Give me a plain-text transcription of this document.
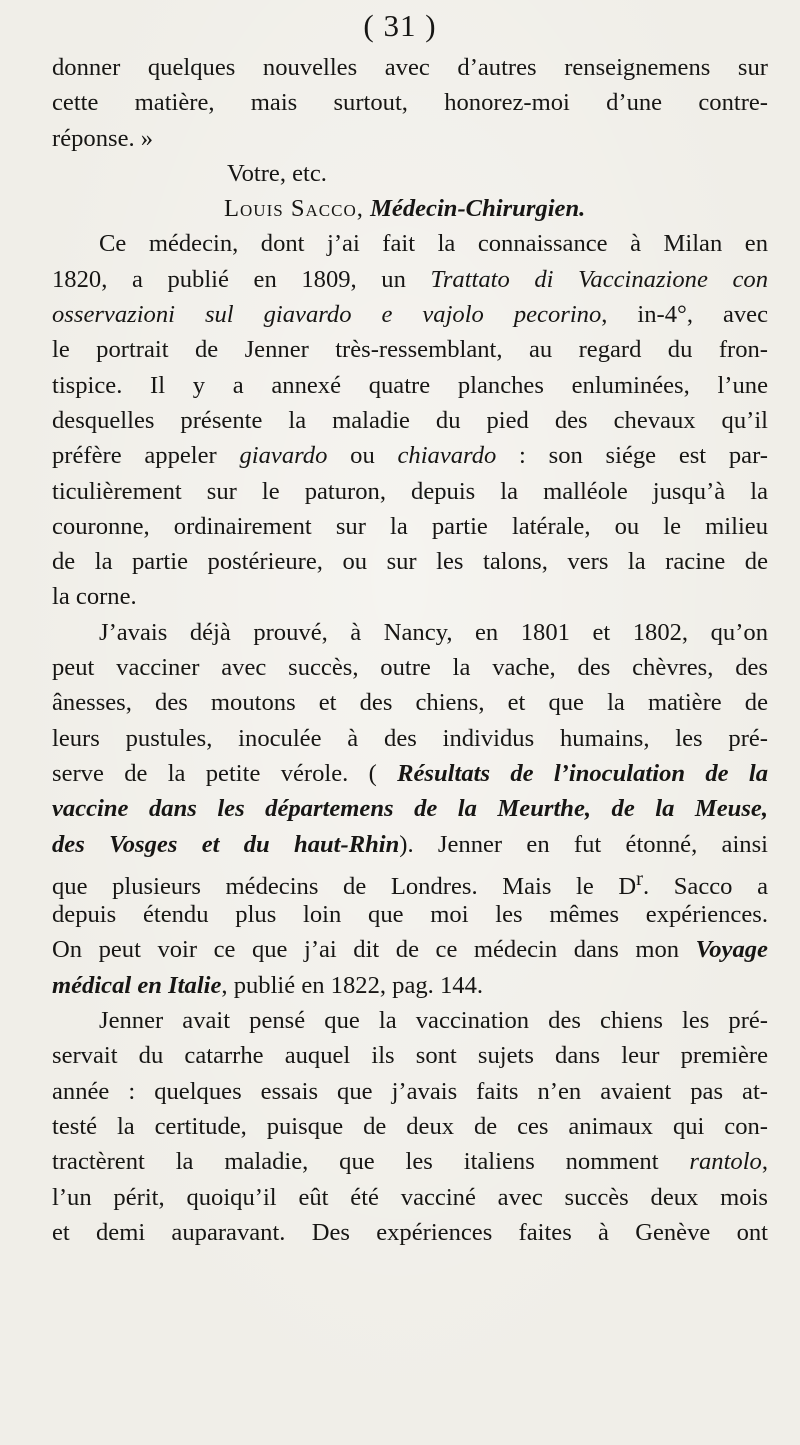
( 31 )
donner quelques nouvelles avec d’autres renseignemens sur
cette matière, mais surtout, honorez-moi d’une contre-
réponse. »
Votre, etc.
Louis Sacco, Médecin-Chirurgien.
Ce médecin, dont j’ai fait la connaissance à Milan en
1820, a publié en 1809, un Trattato di Vaccinazione con
osservazioni sul giavardo e vajolo pecorino, in-4°, avec
le portrait de Jenner très-ressemblant, au regard du fron-
tispice. Il y a annexé quatre planches enluminées, l’une
desquelles présente la maladie du pied des chevaux qu’il
préfère appeler giavardo ou chiavardo : son siége est par-
ticulièrement sur le paturon, depuis la malléole jusqu’à la
couronne, ordinairement sur la partie latérale, ou le milieu
de la partie postérieure, ou sur les talons, vers la racine de
la corne.
J’avais déjà prouvé, à Nancy, en 1801 et 1802, qu’on
peut vacciner avec succès, outre la vache, des chèvres, des
ânesses, des moutons et des chiens, et que la matière de
leurs pustules, inoculée à des individus humains, les pré-
serve de la petite vérole. ( Résultats de l’inoculation de la
vaccine dans les départemens de la Meurthe, de la Meuse,
des Vosges et du haut-Rhin). Jenner en fut étonné, ainsi
que plusieurs médecins de Londres. Mais le $D^r$. Sacco a
depuis étendu plus loin que moi les mêmes expériences.
On peut voir ce que j’ai dit de ce médecin dans mon Voyage
médical en Italie, publié en 1822, pag. 144.
Jenner avait pensé que la vaccination des chiens les pré-
servait du catarrhe auquel ils sont sujets dans leur première
année : quelques essais que j’avais faits n’en avaient pas at-
testé la certitude, puisque de deux de ces animaux qui con-
tractèrent la maladie, que les italiens nomment rantolo,
l’un périt, quoiqu’il eût été vacciné avec succès deux mois
et demi auparavant. Des expériences faites à Genève ont
